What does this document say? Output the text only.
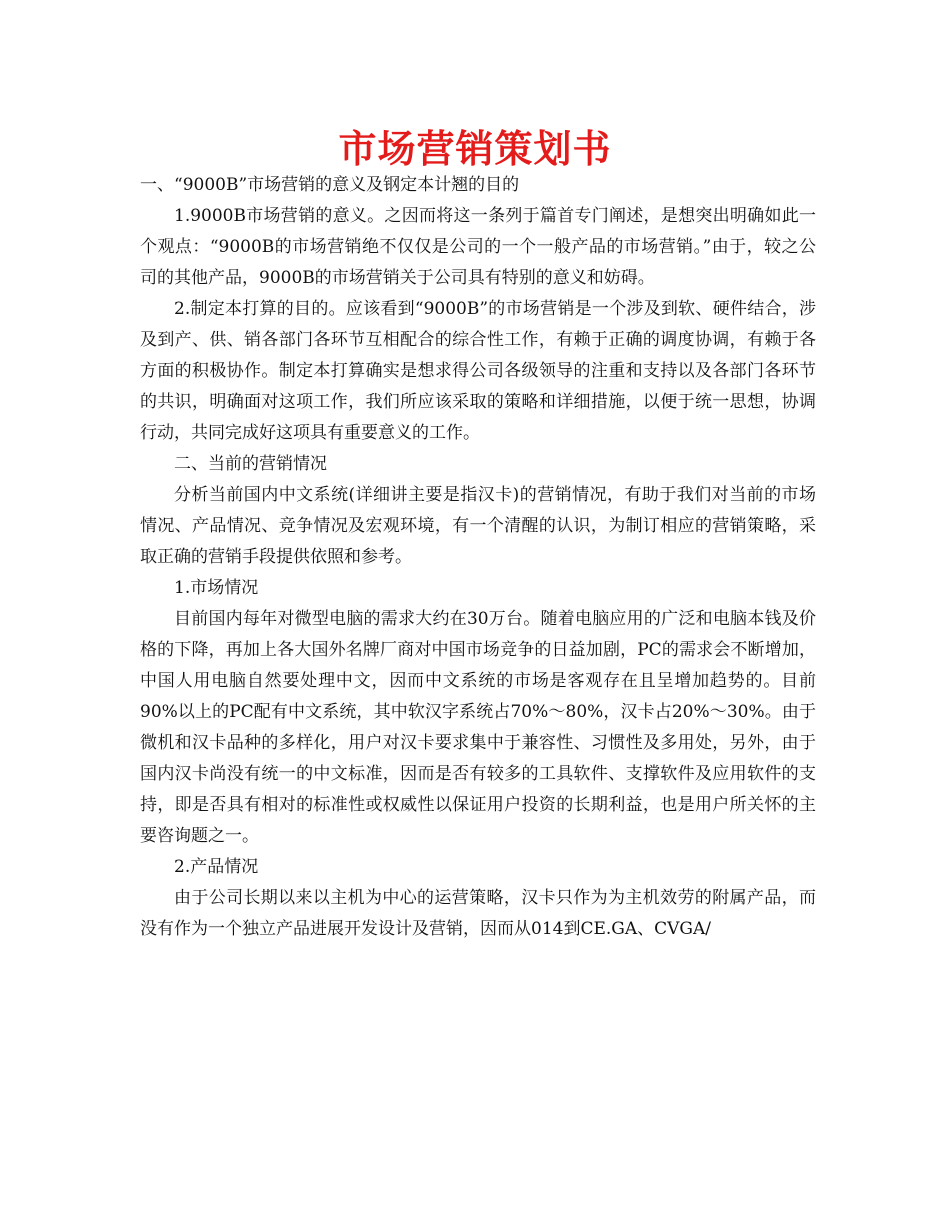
市场营销策划书

一、“9000B”市场营销的意义及钢定本计翘的目的

1.9000B市场营销的意义。之因而将这一条列于篇首专门阐述，是想突出明确如此一个观点：“9000B的市场营销绝不仅仅是公司的一个一般产品的市场营销。”由于，较之公司的其他产品，9000B的市场营销关于公司具有特别的意义和妨碍。

2.制定本打算的目的。应该看到“9000B”的市场营销是一个涉及到软、硬件结合，涉及到产、供、销各部门各环节互相配合的综合性工作，有赖于正确的调度协调，有赖于各方面的积极协作。制定本打算确实是想求得公司各级领导的注重和支持以及各部门各环节的共识，明确面对这项工作，我们所应该采取的策略和详细措施，以便于统一思想，协调行动，共同完成好这项具有重要意义的工作。

二、当前的营销情况

分析当前国内中文系统(详细讲主要是指汉卡)的营销情况，有助于我们对当前的市场情况、产品情况、竞争情况及宏观环境，有一个清醒的认识，为制订相应的营销策略，采取正确的营销手段提供依照和参考。

1.市场情况

目前国内每年对微型电脑的需求大约在30万台。随着电脑应用的广泛和电脑本钱及价格的下降，再加上各大国外名牌厂商对中国市场竞争的日益加剧，PC的需求会不断增加，中国人用电脑自然要处理中文，因而中文系统的市场是客观存在且呈增加趋势的。目前90%以上的PC配有中文系统，其中软汉字系统占70%～80%，汉卡占20%～30%。由于微机和汉卡品种的多样化，用户对汉卡要求集中于兼容性、习惯性及多用处，另外，由于国内汉卡尚没有统一的中文标准，因而是否有较多的工具软件、支撑软件及应用软件的支持，即是否具有相对的标准性或权威性以保证用户投资的长期利益，也是用户所关怀的主要咨询题之一。

2.产品情况

由于公司长期以来以主机为中心的运营策略，汉卡只作为为主机效劳的附属产品，而没有作为一个独立产品进展开发设计及营销，因而从014到CE.GA、CVGA/
